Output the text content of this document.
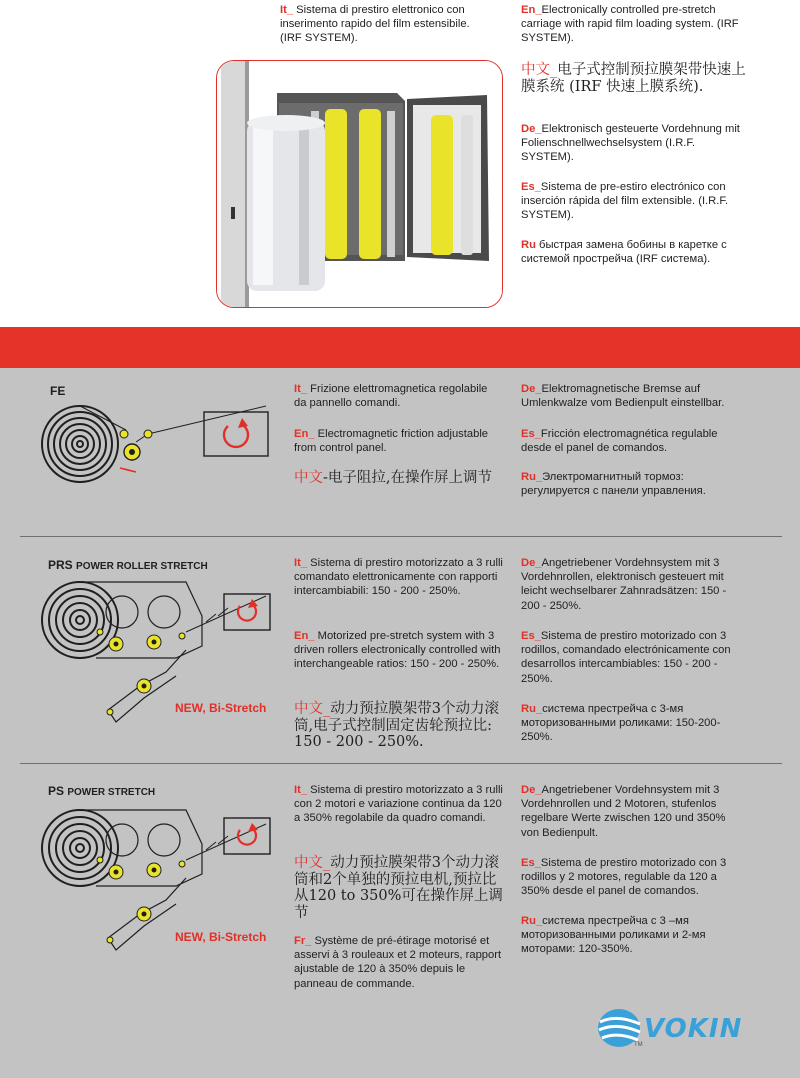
It_ Sistema di prestiro elettronico con inserimento rapido del film estensibile. (IRF SYSTEM).
En_Electronically controlled pre-stretch carriage with rapid film loading system. (IRF SYSTEM).
中文_电子式控制预拉膜架带快速上膜系统 (IRF 快速上膜系统).
De_Elektronisch gesteuerte Vordehnung mit Folienschnellwechselsystem (I.R.F. SYSTEM).
Es_Sistema de pre-estiro electrónico con inserción rápida del film extensible. (I.R.F. SYSTEM).
Ru быстрая замена бобины в каретке с системой прострейча (IRF система).
FE	It_ Frizione elettromagnetica regolabile da pannello comandi.
En_ Electromagnetic friction adjustable from control panel.
中文-电子阻拉,在操作屏上调节
De_Elektromagnetische Bremse auf Umlenkwalze vom Bedienpult einstellbar.
Es_Fricción electromagnética regulable desde el panel de comandos.
Ru_Электромагнитный тормоз: регулируется с панели управления.
PRS POWER ROLLER STRETCH
NEW, Bi-Stretch
It_ Sistema di prestiro motorizzato a 3 rulli comandato elettronicamente con rapporti intercambiabili: 150 - 200 - 250%.
En_ Motorized pre-stretch system with 3 driven rollers electronically controlled with interchangeable ratios: 150 - 200 - 250%.
中文_动力预拉膜架带3个动力滚筒,电子式控制固定齿轮预拉比: 150 - 200 - 250%.
De_Angetriebener Vordehnsystem mit 3 Vordehnrollen, elektronisch gesteuert mit leicht wechselbarer Zahnradsätzen: 150 - 200 - 250%.
Es_Sistema de prestiro motorizado con 3 rodillos, comandado electrónicamente con desarrollos intercambiables: 150 - 200 - 250%.
Ru_система престрейча с 3-мя моторизованными роликами: 150-200-250%.
PS POWER STRETCH
NEW, Bi-Stretch
It_ Sistema di prestiro motorizzato a 3 rulli con 2 motori e variazione continua da 120 a 350% regolabile da quadro comandi.
中文_动力预拉膜架带3个动力滚筒和2个单独的预拉电机,预拉比从120 to 350%可在操作屏上调节
Fr_ Système de pré-étirage motorisé et asservi à 3 rouleaux et 2 moteurs, rapport ajustable de 120 à 350% depuis le panneau de commande.
De_Angetriebener Vordehnsystem mit 3 Vordehnrollen und 2 Motoren, stufenlos regelbare Werte zwischen 120 und 350% von Bedienpult.
Es_Sistema de prestiro motorizado con 3 rodillos y 2 motores, regulable da 120 a 350% desde el panel de comandos.
Ru_система престрейча с 3 –мя моторизованными роликами и 2-мя моторами: 120-350%.
VOKIN
TM
